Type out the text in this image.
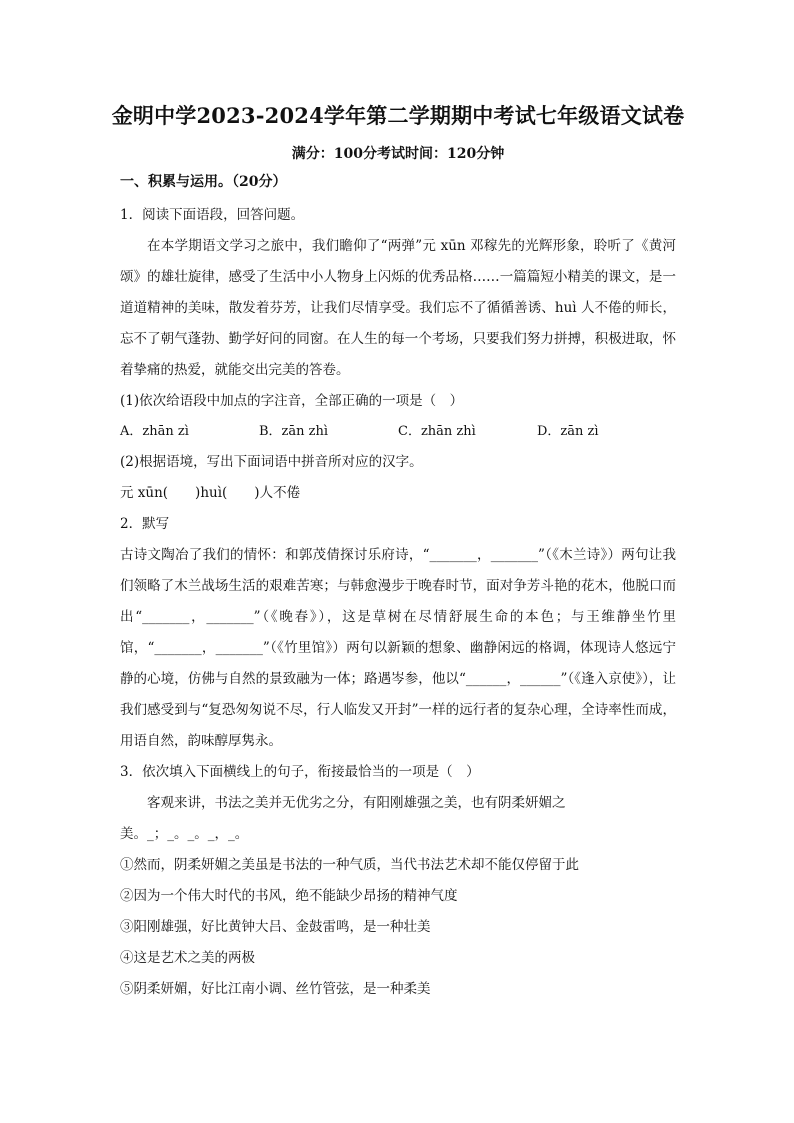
金明中学2023-2024学年第二学期期中考试七年级语文试卷
满分：100分考试时间：120分钟
一、积累与运用。（20分）
1．阅读下面语段，回答问题。

在本学期语文学习之旅中，我们瞻仰了“两弹”元 xūn 邓稼先的光辉形象，聆听了《黄河颂》的雄壮旋律，感受了生活中小人物身上闪烁的优秀品格……一篇篇短小精美的课文，是一道道精神的美味，散发着芬芳，让我们尽情享受。我们忘不了循循善诱、huì 人不倦的师长，忘不了朝气蓬勃、勤学好问的同窗。在人生的每一个考场，只要我们努力拼搏，积极进取，怀着挚痛的热爱，就能交出完美的答卷。

(1)依次给语段中加点的字注音，全部正确的一项是（　）
A．zhān zì	B．zān zhì	C．zhān zhì	D．zān zì
(2)根据语境，写出下面词语中拼音所对应的汉字。
元 xūn(　　) huì(　　)人不倦
2．默写

古诗文陶冶了我们的情怀：和郭茂倩探讨乐府诗，“_______，_______”（《木兰诗》）两句让我们领略了木兰战场生活的艰难苦寒；与韩愈漫步于晚春时节，面对争芳斗艳的花木，他脱口而出“_______，_______”（《晚春》），这是草树在尽情舒展生命的本色；与王维静坐竹里馆，“_______，_______”（《竹里馆》）两句以新颖的想象、幽静闲远的格调，体现诗人悠远宁静的心境，仿佛与自然的景致融为一体；路遇岑参，他以“______，______”（《逢入京使》），让我们感受到与“复恐匆匆说不尽，行人临发又开封”一样的远行者的复杂心理，全诗率性而成，用语自然，韵味醇厚隽永。

3．依次填入下面横线上的句子，衔接最恰当的一项是（　）
客观来讲，书法之美并无优劣之分，有阳刚雄强之美，也有阴柔妍媚之
美。_；_。_。_，_。
①然而，阴柔妍媚之美虽是书法的一种气质，当代书法艺术却不能仅停留于此
②因为一个伟大时代的书风，绝不能缺少昂扬的精神气度
③阳刚雄强，好比黄钟大吕、金鼓雷鸣，是一种壮美
④这是艺术之美的两极
⑤阴柔妍媚，好比江南小调、丝竹管弦，是一种柔美
